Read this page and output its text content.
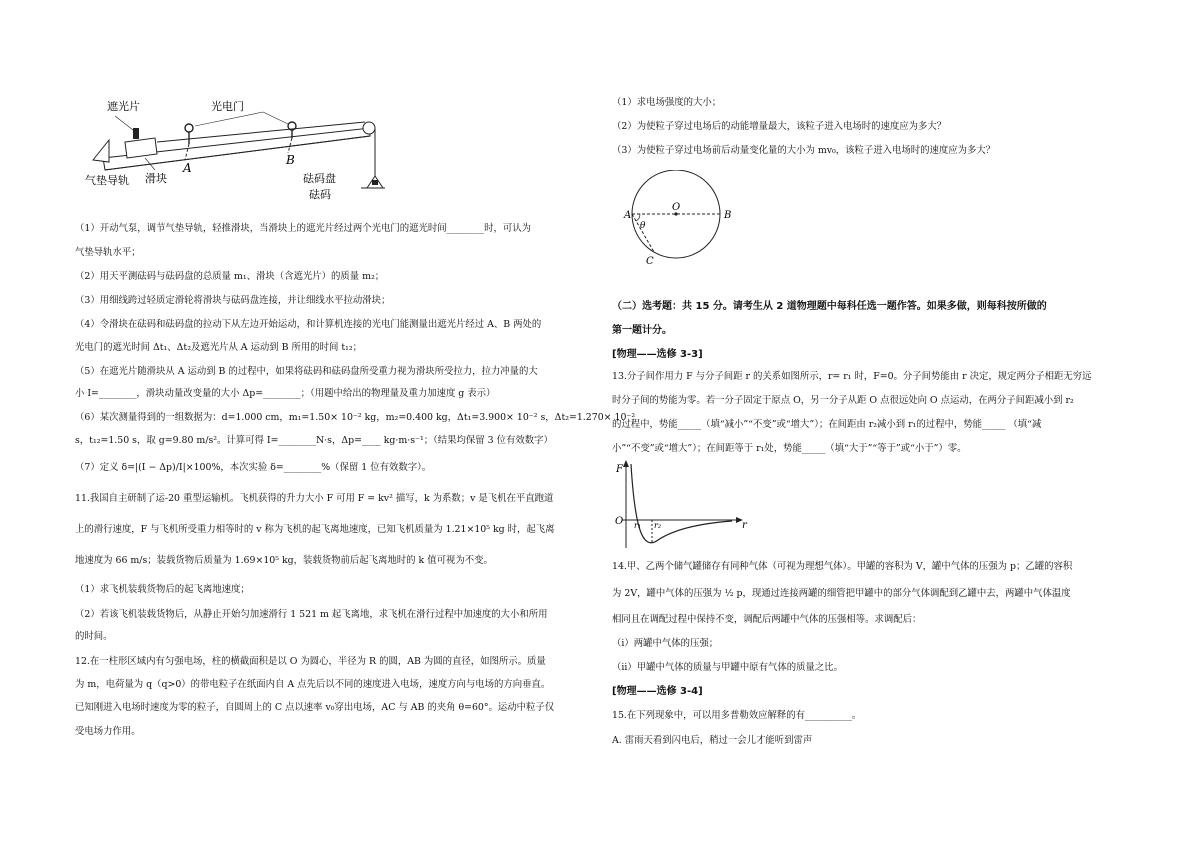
遮光片	光电门
气垫导轨 滑块
A
B
砝码盘
砝码
（1）开动气泵，调节气垫导轨，轻推滑块，当滑块上的遮光片经过两个光电门的遮光时间________时，可认为
气垫导轨水平；
（2）用天平测砝码与砝码盘的总质量 m₁、滑块（含遮光片）的质量 m₂；
（3）用细线跨过轻质定滑轮将滑块与砝码盘连接，并让细线水平拉动滑块；
（4）令滑块在砝码和砝码盘的拉动下从左边开始运动，和计算机连接的光电门能测量出遮光片经过 A、B 两处的
光电门的遮光时间 Δt₁、Δt₂及遮光片从 A 运动到 B 所用的时间 t₁₂；
（5）在遮光片随滑块从 A 运动到 B 的过程中，如果将砝码和砝码盘所受重力视为滑块所受拉力，拉力冲量的大
小 I=________，滑块动量改变量的大小 Δp=________；（用题中给出的物理量及重力加速度 g 表示）
（6）某次测量得到的一组数据为：d=1.000 cm，m₁=1.50× 10⁻² kg，m₂=0.400 kg，Δt₁=3.900× 10⁻² s，Δt₂=1.270× 10⁻²
s，t₁₂=1.50 s，取 g=9.80 m/s²。计算可得 I=________N·s，Δp=____ kg·m·s⁻¹；（结果均保留 3 位有效数字）
（7）定义 δ=|(I − Δp)/I|×100%，本次实验 δ=________%（保留 1 位有效数字）。
11.我国自主研制了运-20 重型运输机。飞机获得的升力大小 F 可用 F = kv² 描写，k 为系数；v 是飞机在平直跑道
上的滑行速度，F 与飞机所受重力相等时的 v 称为飞机的起飞离地速度，已知飞机质量为 1.21×10⁵ kg 时，起飞离
地速度为 66 m/s；装载货物后质量为 1.69×10⁵ kg，装载货物前后起飞离地时的 k 值可视为不变。
（1）求飞机装载货物后的起飞离地速度；
（2）若该飞机装载货物后，从静止开始匀加速滑行 1 521 m 起飞离地，求飞机在滑行过程中加速度的大小和所用
的时间。
12.在一柱形区域内有匀强电场，柱的横截面积是以 O 为圆心，半径为 R 的圆，AB 为圆的直径，如图所示。质量
为 m，电荷量为 q（q>0）的带电粒子在纸面内自 A 点先后以不同的速度进入电场，速度方向与电场的方向垂直。
已知刚进入电场时速度为零的粒子，自圆周上的 C 点以速率 v₀穿出电场，AC 与 AB 的夹角 θ=60°。运动中粒子仅
受电场力作用。
（1）求电场强度的大小；
（2）为使粒子穿过电场后的动能增量最大，该粒子进入电场时的速度应为多大？
（3）为使粒子穿过电场前后动量变化量的大小为 mv₀，该粒子进入电场时的速度应为多大？
A
O
B
C
θ
（二）选考题：共 15 分。请考生从 2 道物理题中每科任选一题作答。如果多做，则每科按所做的
第一题计分。
[物理——选修 3-3]
13.分子间作用力 F 与分子间距 r 的关系如图所示，r= r₁ 时，F=0。分子间势能由 r 决定，规定两分子相距无穷远
时分子间的势能为零。若一分子固定于原点 O，另一分子从距 O 点很远处向 O 点运动，在两分子间距减小到 r₂
的过程中，势能_____（填“减小”“不变”或“增大”）；在间距由 r₂减小到 r₁的过程中，势能_____ （填“减
小”“不变”或“增大”）；在间距等于 r₁处，势能_____（填“大于”“等于”或“小于”）零。
F
O	r
r₁ r₂
14.甲、乙两个储气罐储存有同种气体（可视为理想气体）。甲罐的容积为 V，罐中气体的压强为 p；乙罐的容积
为 2V，罐中气体的压强为 ½ p，现通过连接两罐的细管把甲罐中的部分气体调配到乙罐中去，两罐中气体温度
相同且在调配过程中保持不变，调配后两罐中气体的压强相等。求调配后：
（i）两罐中气体的压强；
（ii）甲罐中气体的质量与甲罐中原有气体的质量之比。
[物理——选修 3-4]
15.在下列现象中，可以用多普勒效应解释的有__________。
A. 雷雨天看到闪电后，稍过一会儿才能听到雷声
